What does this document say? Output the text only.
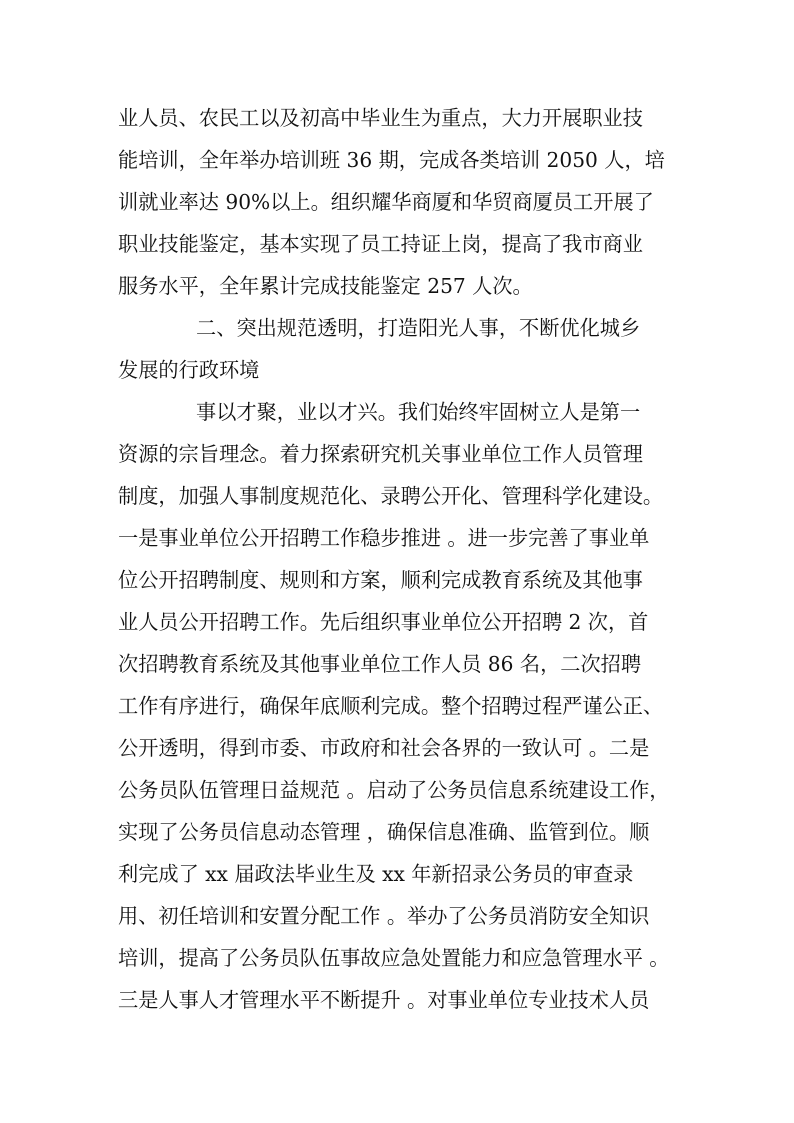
业人员、农民工以及初高中毕业生为重点，大力开展职业技
能培训，全年举办培训班 36 期，完成各类培训 2050 人，培
训就业率达 90%以上。组织耀华商厦和华贸商厦员工开展了
职业技能鉴定，基本实现了员工持证上岗，提高了我市商业
服务水平，全年累计完成技能鉴定 257 人次。
二、突出规范透明，打造阳光人事，不断优化城乡
发展的行政环境
事以才聚，业以才兴。我们始终牢固树立人是第一
资源的宗旨理念。着力探索研究机关事业单位工作人员管理
制度，加强人事制度规范化、录聘公开化、管理科学化建设。
一是事业单位公开招聘工作稳步推进 。进一步完善了事业单
位公开招聘制度、规则和方案，顺利完成教育系统及其他事
业人员公开招聘工作。先后组织事业单位公开招聘 2 次，首
次招聘教育系统及其他事业单位工作人员 86 名，二次招聘
工作有序进行，确保年底顺利完成。整个招聘过程严谨公正、
公开透明，得到市委、市政府和社会各界的一致认可 。二是
公务员队伍管理日益规范 。启动了公务员信息系统建设工作，
实现了公务员信息动态管理 ，确保信息准确、监管到位。顺
利完成了 xx 届政法毕业生及 xx 年新招录公务员的审查录
用、初任培训和安置分配工作 。举办了公务员消防安全知识
培训，提高了公务员队伍事故应急处置能力和应急管理水平 。
三是人事人才管理水平不断提升 。对事业单位专业技术人员
